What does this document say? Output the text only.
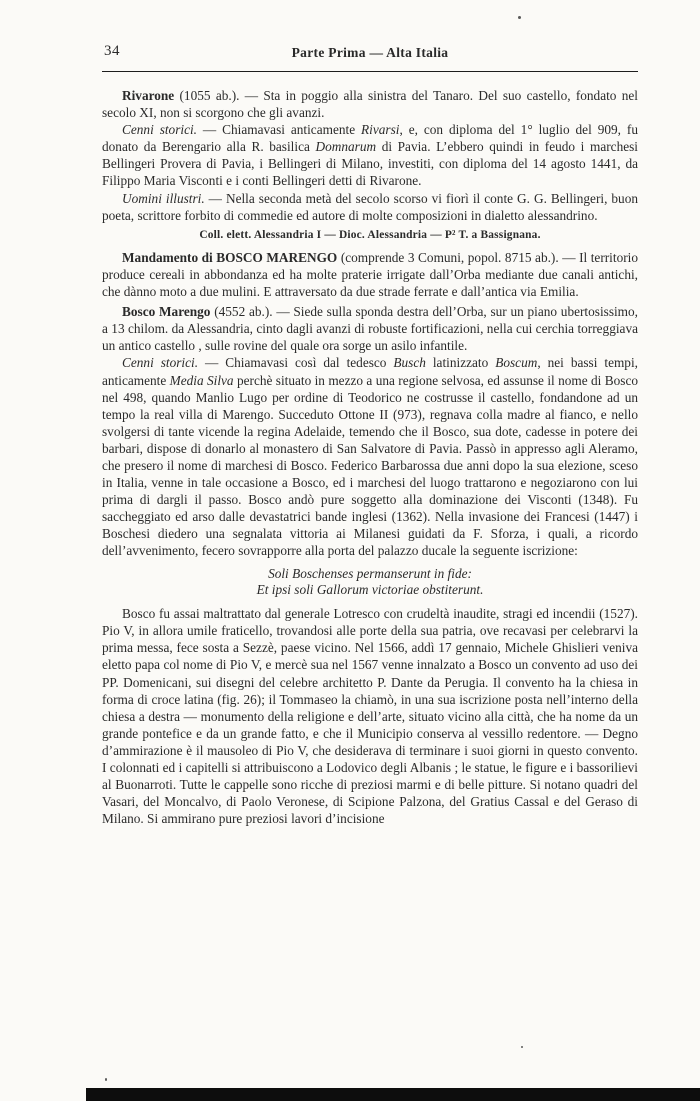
34	Parte Prima — Alta Italia

Rivarone (1055 ab.). — Sta in poggio alla sinistra del Tanaro. Del suo castello, fondato nel secolo XI, non si scorgono che gli avanzi.

Cenni storici. — Chiamavasi anticamente Rivarsi, e, con diploma del 1° luglio del 909, fu donato da Berengario alla R. basilica Domnarum di Pavia. L’ebbero quindi in feudo i marchesi Bellingeri Provera di Pavia, i Bellingeri di Milano, investiti, con diploma del 14 agosto 1441, da Filippo Maria Visconti e i conti Bellingeri detti di Rivarone.

Uomini illustri. — Nella seconda metà del secolo scorso vi fiorì il conte G. G. Bellingeri, buon poeta, scrittore forbito di commedie ed autore di molte composizioni in dialetto alessandrino.

Coll. elett. Alessandria I — Dioc. Alessandria — P² T. a Bassignana.

Mandamento di BOSCO MARENGO (comprende 3 Comuni, popol. 8715 ab.). — Il territorio produce cereali in abbondanza ed ha molte praterie irrigate dall’Orba mediante due canali antichi, che dànno moto a due mulini. E attraversato da due strade ferrate e dall’antica via Emilia.

Bosco Marengo (4552 ab.). — Siede sulla sponda destra dell’Orba, sur un piano ubertosissimo, a 13 chilom. da Alessandria, cinto dagli avanzi di robuste fortificazioni, nella cui cerchia torreggiava un antico castello , sulle rovine del quale ora sorge un asilo infantile.

Cenni storici. — Chiamavasi così dal tedesco Busch latinizzato Boscum, nei bassi tempi, anticamente Media Silva perchè situato in mezzo a una regione selvosa, ed assunse il nome di Bosco nel 498, quando Manlio Lugo per ordine di Teodorico ne costrusse il castello, fondandone ad un tempo la real villa di Marengo. Succeduto Ottone II (973), regnava colla madre al fianco, e nello svolgersi di tante vicende la regina Adelaide, temendo che il Bosco, sua dote, cadesse in potere dei barbari, dispose di donarlo al monastero di San Salvatore di Pavia. Passò in appresso agli Aleramo, che presero il nome di marchesi di Bosco. Federico Barbarossa due anni dopo la sua elezione, sceso in Italia, venne in tale occasione a Bosco, ed i marchesi del luogo trattarono e negoziarono con lui prima di dargli il passo. Bosco andò pure soggetto alla dominazione dei Visconti (1348). Fu saccheggiato ed arso dalle devastatrici bande inglesi (1362). Nella invasione dei Francesi (1447) i Boschesi diedero una segnalata vittoria ai Milanesi guidati da F. Sforza, i quali, a ricordo dell’avvenimento, fecero sovrapporre alla porta del palazzo ducale la seguente iscrizione:

Soli Boschenses permanserunt in fide:

Et ipsi soli Gallorum victoriae obstiterunt.

Bosco fu assai maltrattato dal generale Lotresco con crudeltà inaudite, stragi ed incendii (1527). Pio V, in allora umile fraticello, trovandosi alle porte della sua patria, ove recavasi per celebrarvi la prima messa, fece sosta a Sezzè, paese vicino. Nel 1566, addì 17 gennaio, Michele Ghislieri veniva eletto papa col nome di Pio V, e mercè sua nel 1567 venne innalzato a Bosco un convento ad uso dei PP. Domenicani, sui disegni del celebre architetto P. Dante da Perugia. Il convento ha la chiesa in forma di croce latina (fig. 26); il Tommaseo la chiamò, in una sua iscrizione posta nell’interno della chiesa a destra — monumento della religione e dell’arte, situato vicino alla città, che ha nome da un grande pontefice e da un grande fatto, e che il Municipio conserva al vessillo redentore. — Degno d’ammirazione è il mausoleo di Pio V, che desiderava di terminare i suoi giorni in questo convento. I colonnati ed i capitelli si attribuiscono a Lodovico degli Albanis ; le statue, le figure e i bassorilievi al Buonarroti. Tutte le cappelle sono ricche di preziosi marmi e di belle pitture. Si notano quadri del Vasari, del Moncalvo, di Paolo Veronese, di Scipione Palzona, del Gratius Cassal e del Geraso di Milano. Si ammirano pure preziosi lavori d’incisione
